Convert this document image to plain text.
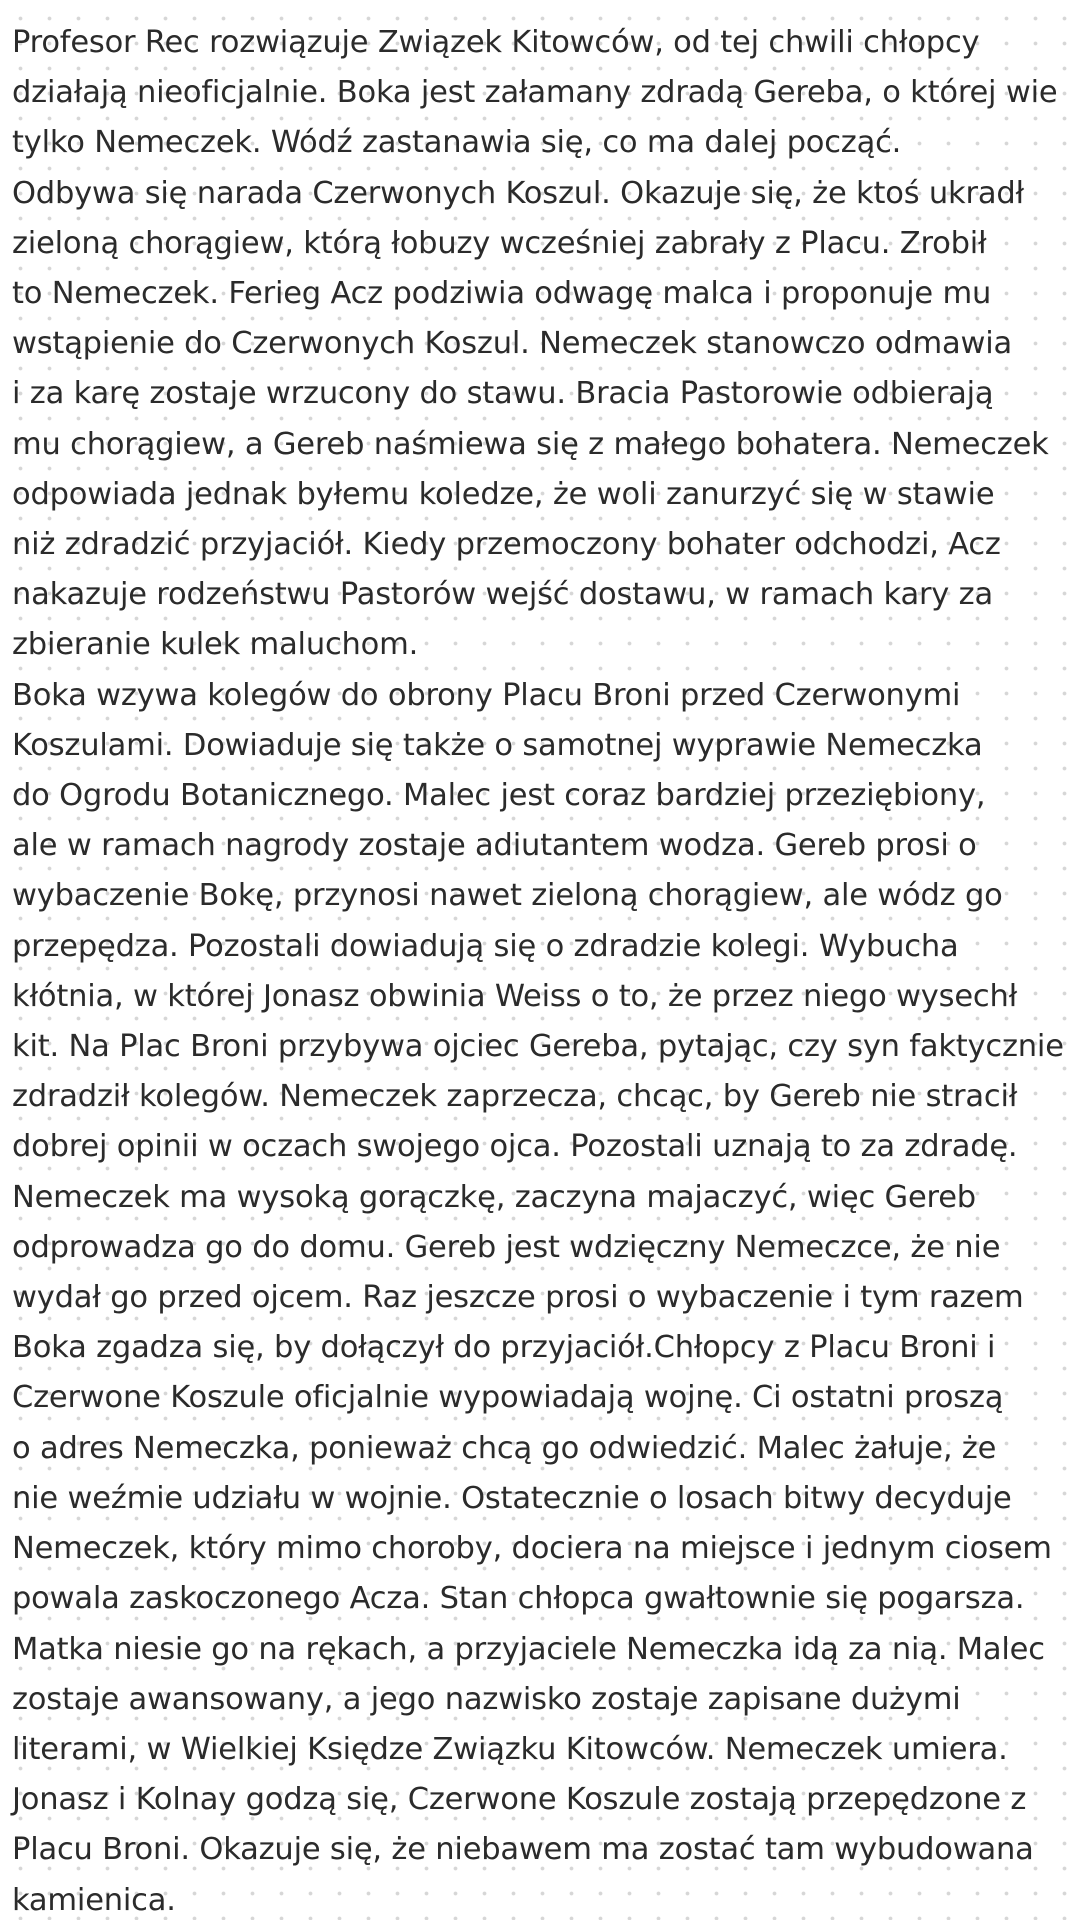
Profesor Rec rozwiązuje Związek Kitowców, od tej chwili chłopcy
działają nieoficjalnie. Boka jest załamany zdradą Gereba, o której wie
tylko Nemeczek. Wódź zastanawia się, co ma dalej począć.
Odbywa się narada Czerwonych Koszul. Okazuje się, że ktoś ukradł
zieloną chorągiew, którą łobuzy wcześniej zabrały z Placu. Zrobił
to Nemeczek. Ferieg Acz podziwia odwagę malca i proponuje mu
wstąpienie do Czerwonych Koszul. Nemeczek stanowczo odmawia
i za karę zostaje wrzucony do stawu. Bracia Pastorowie odbierają
mu chorągiew, a Gereb naśmiewa się z małego bohatera. Nemeczek
odpowiada jednak byłemu koledze, że woli zanurzyć się w stawie
niż zdradzić przyjaciół. Kiedy przemoczony bohater odchodzi, Acz
nakazuje rodzeństwu Pastorów wejść dostawu, w ramach kary za
zbieranie kulek maluchom.
Boka wzywa kolegów do obrony Placu Broni przed Czerwonymi
Koszulami. Dowiaduje się także o samotnej wyprawie Nemeczka
do Ogrodu Botanicznego. Malec jest coraz bardziej przeziębiony,
ale w ramach nagrody zostaje adiutantem wodza. Gereb prosi o
wybaczenie Bokę, przynosi nawet zieloną chorągiew, ale wódz go
przepędza. Pozostali dowiadują się o zdradzie kolegi. Wybucha
kłótnia, w której Jonasz obwinia Weiss o to, że przez niego wysechł
kit. Na Plac Broni przybywa ojciec Gereba, pytając, czy syn faktycznie
zdradził kolegów. Nemeczek zaprzecza, chcąc, by Gereb nie stracił
dobrej opinii w oczach swojego ojca. Pozostali uznają to za zdradę.
Nemeczek ma wysoką gorączkę, zaczyna majaczyć, więc Gereb
odprowadza go do domu. Gereb jest wdzięczny Nemeczce, że nie
wydał go przed ojcem. Raz jeszcze prosi o wybaczenie i tym razem
Boka zgadza się, by dołączył do przyjaciół.Chłopcy z Placu Broni i
Czerwone Koszule oficjalnie wypowiadają wojnę. Ci ostatni proszą
o adres Nemeczka, ponieważ chcą go odwiedzić. Malec żałuje, że
nie weźmie udziału w wojnie. Ostatecznie o losach bitwy decyduje
Nemeczek, który mimo choroby, dociera na miejsce i jednym ciosem
powala zaskoczonego Acza. Stan chłopca gwałtownie się pogarsza.
Matka niesie go na rękach, a przyjaciele Nemeczka idą za nią. Malec
zostaje awansowany, a jego nazwisko zostaje zapisane dużymi
literami, w Wielkiej Księdze Związku Kitowców. Nemeczek umiera.
Jonasz i Kolnay godzą się, Czerwone Koszule zostają przepędzone z
Placu Broni. Okazuje się, że niebawem ma zostać tam wybudowana
kamienica.
